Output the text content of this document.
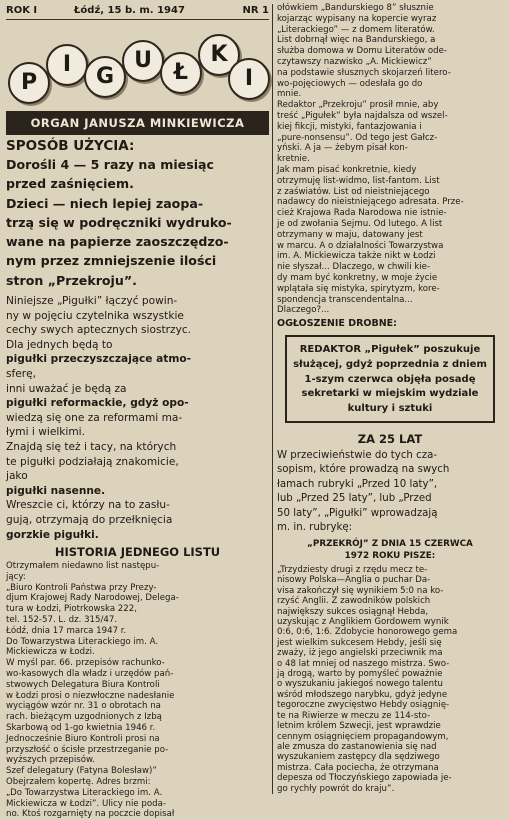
ROK I	Łódź, 15 b. m. 1947	NR 1
P
I	G
U Ł
K
I
ORGAN JANUSZA MINKIEWICZA
SPOSÓB UŻYCIA:
Dorośli 4 — 5 razy na miesiąc
przed zaśnięciem.
Dzieci — niech lepiej zaopa-
trzą się w podręczniki wydruko-
wane na papierze zaoszczędzo-
nym przez zmniejszenie ilości
stron „Przekroju”.
Niniejsze „Pigułki” łączyć powin-
ny w pojęciu czytelnika wszystkie
cechy swych aptecznych siostrzyc.
Dla jednych będą to
pigułki przeczyszczające atmo-
sferę,
inni uważać je będą za
pigułki reformackie, gdyż opo-
wiedzą się one za reformami ma-
łymi i wielkimi.
Znajdą się też i tacy, na których
te pigułki podziałają znakomicie,
jako
pigułki nasenne.
Wreszcie ci, którzy na to zasłu-
gują, otrzymają do przełknięcia
gorzkie pigułki.
HISTORIA JEDNEGO LISTU
Otrzymałem niedawno list następu-
jący:
„Biuro Kontroli Państwa przy Prezy-
djum Krajowej Rady Narodowej, Delega-
tura w Łodzi, Piotrkowska 222,
tel. 152-57. L. dz. 315/47.
Łódź, dnia 17 marca 1947 r.
Do Towarzystwa Literackiego im. A.
Mickiewicza w Łodzi.
W myśl par. 66. przepisów rachunko-
wo-kasowych dla władz i urzędów pań-
stwowych Delegatura Biura Kontroli
w Łodzi prosi o niezwłoczne nadesłanie
wyciągów wzór nr. 31 o obrotach na
rach. bieżącym uzgodnionych z Izbą
Skarbową od 1-go kwietnia 1946 r.
Jednocześnie Biuro Kontroli prosi na
przyszłość o ścisłe przestrzeganie po-
wyższych przepisów.
Szef delegatury (Fatyna Bolesław)”
Obejrzałem kopertę. Adres brzmi:
„Do Towarzystwa Literackiego im. A.
Mickiewicza w Łodzi”. Ulicy nie poda-
no. Ktoś rozgarnięty na poczcie dopisał
ołówkiem „Bandurskiego 8” słusznie
kojarząc wypisany na kopercie wyraz
„Literackiego” — z domem literatów.
List dobrnął więc na Bandurskiego, a
służba domowa w Domu Literatów ode-
czytawszy nazwisko „A. Mickiewicz”
na podstawie słusznych skojarzeń litero-
wo-pojęciowych — odesłała go do
mnie.
Redaktor „Przekroju” prosił mnie, aby
treść „Pigułek” była najdalsza od wszel-
kiej fikcji, mistyki, fantazjowania i
„pure-nonsensu”. Od tego jest Gałcz-
yński. A ja — żebym pisał kon-
kretnie.
Jak mam pisać konkretnie, kiedy
otrzymuję list-widmo, list-fantom. List
z zaświatów. List od nieistniejącego
nadawcy do nieistniejącego adresata. Prze-
cież Krajowa Rada Narodowa nie istnie-
je od zwołania Sejmu. Od lutego. A list
otrzymany w maju, datowany jest
w marcu. A o działalności Towarzystwa
im. A. Mickiewicza także nikt w Łodzi
nie słyszał... Dlaczego, w chwili kie-
dy mam być konkretny, w moje życie
wplątała się mistyka, spirytyzm, kore-
spondencja transcendentalna...
Dlaczego?...
OGŁOSZENIE DROBNE:
REDAKTOR „Pigułek” poszukuje
służącej, gdyż poprzednia z dniem
1-szym czerwca objęła posadę
sekretarki w miejskim wydziale
kultury i sztuki
ZA 25 LAT
W przeciwieństwie do tych cza-
sopism, które prowadzą na swych
łamach rubryki „Przed 10 laty”,
lub „Przed 25 laty”, lub „Przed
50 laty”, „Pigułki” wprowadzają
m. in. rubrykę:
„PRZEKRÓJ” Z DNIA 15 CZERWCA
1972 ROKU PISZE:
„Trzydziesty drugi z rzędu mecz te-
nisowy Polska—Anglia o puchar Da-
visa zakończył się wynikiem 5:0 na ko-
rzyść Anglii. Z zawodników polskich
największy sukces osiągnął Hebda,
uzyskując z Anglikiem Gordowem wynik
0:6, 0:6, 1:6. Zdobycie honorowego gema
jest wielkim sukcesem Hebdy, jeśli się
zważy, iż jego angielski przeciwnik ma
o 48 lat mniej od naszego mistrza. Swo-
ją drogą, warto by pomyśleć poważnie
o wyszukaniu jakiegoś nowego talentu
wśród młodszego narybku, gdyż jedyne
tegoroczne zwycięstwo Hebdy osiągnię-
te na Riwierze w meczu ze 114-sto-
letnim królem Szwecji, jest wprawdzie
cennym osiągnięciem propagandowym,
ale zmusza do zastanowienia się nad
wyszukaniem zastępcy dla sędziwego
mistrza. Cała pociecha, że otrzymana
depesza od Tłoczyńskiego zapowiada je-
go rychły powrót do kraju”.
